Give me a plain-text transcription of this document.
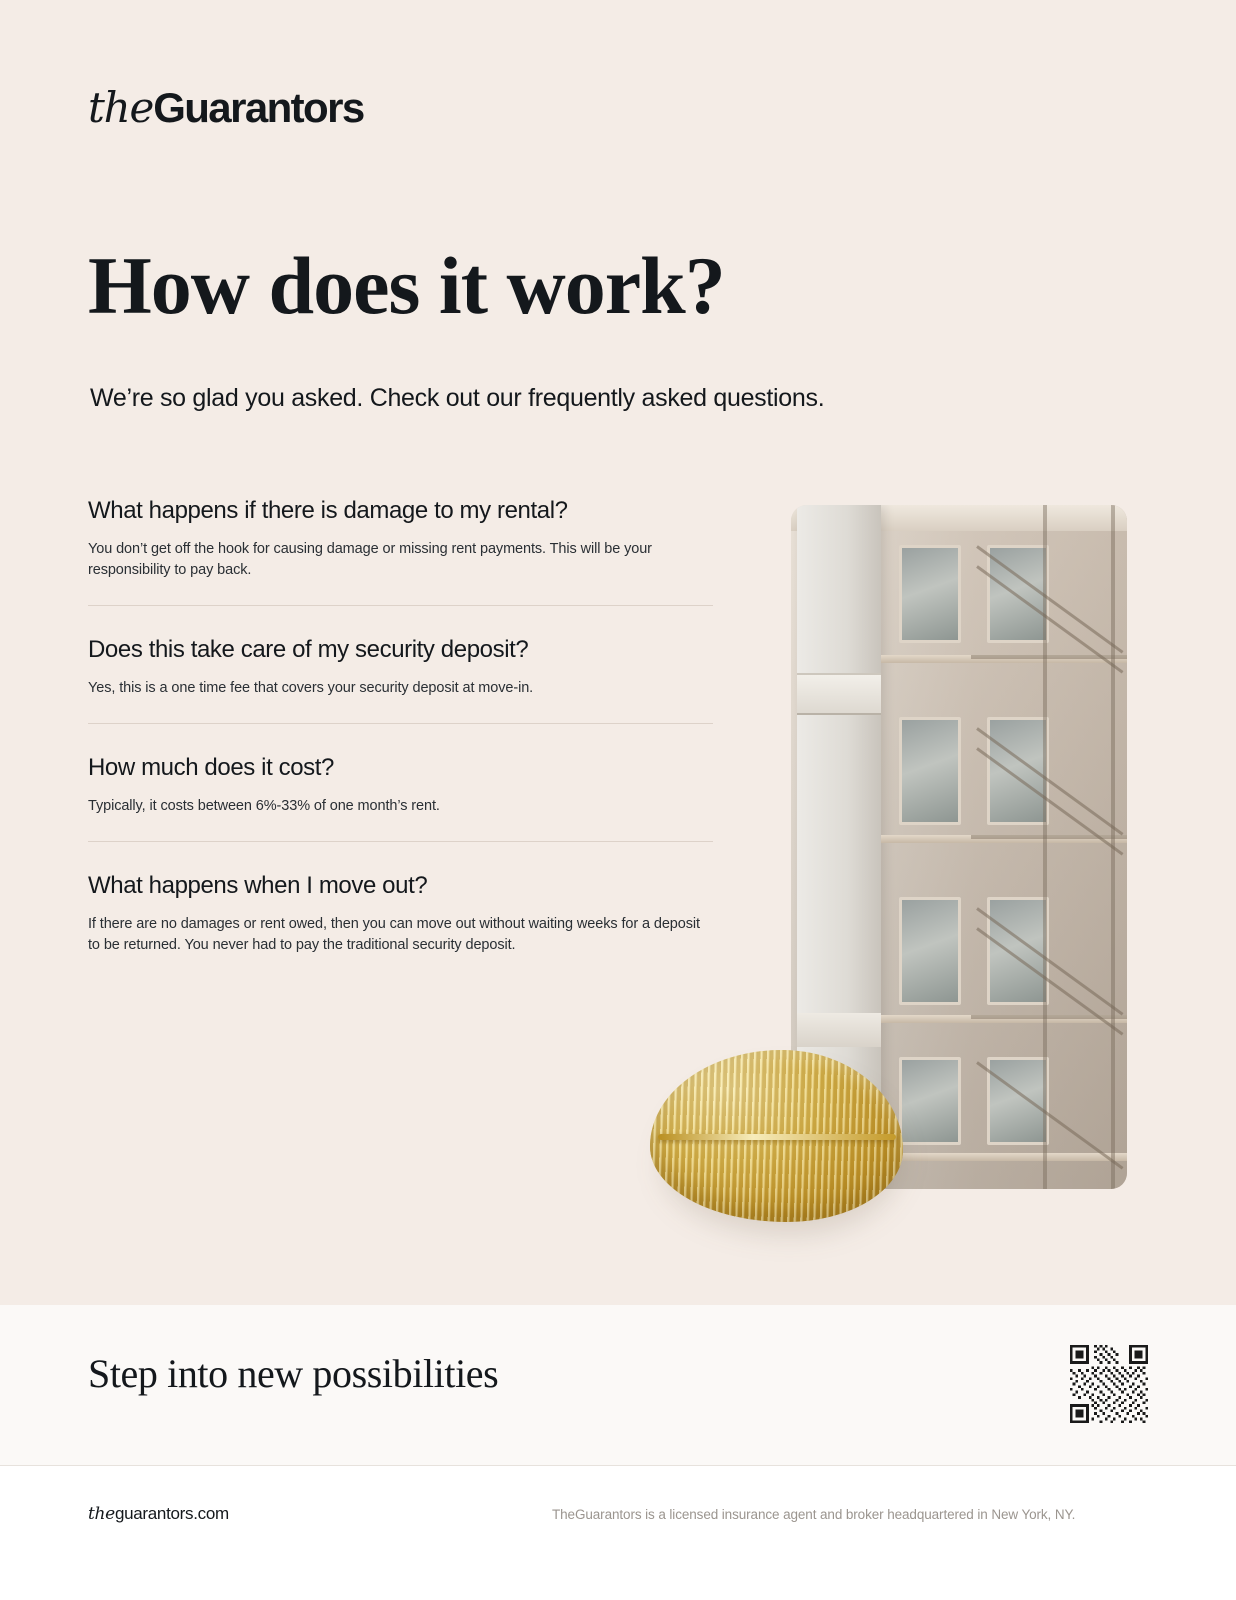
theGuarantors
How does it work?

We’re so glad you asked. Check out our frequently asked questions.

What happens if there is damage to my rental?
You don’t get off the hook for causing damage or missing rent payments. This will be your responsibility to pay back.
Does this take care of my security deposit?
Yes, this is a one time fee that covers your security deposit at move-in.
How much does it cost?
Typically, it costs between 6%-33% of one month’s rent.
What happens when I move out?
If there are no damages or rent owed, then you can move out without waiting weeks for a deposit to be returned. You never had to pay the traditional security deposit.
Step into new possibilities
theguarantors.com	TheGuarantors is a licensed insurance agent and broker headquartered in New York, NY.
